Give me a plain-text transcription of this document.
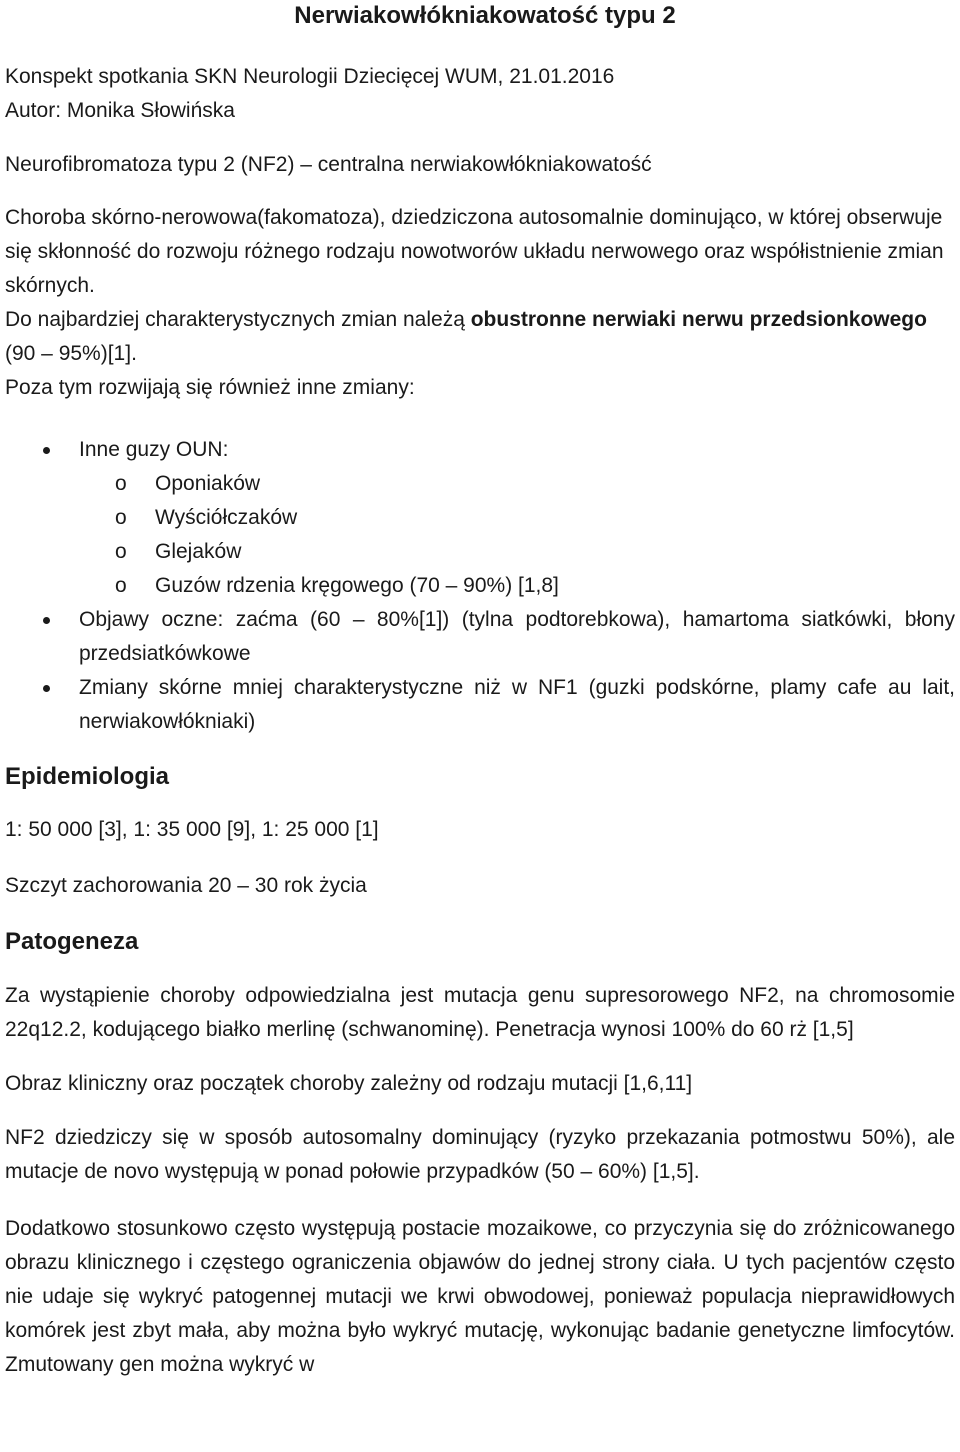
Nerwiakowłókniakowatość typu 2

Konspekt spotkania SKN Neurologii Dziecięcej WUM, 21.01.2016

Autor: Monika Słowińska

Neurofibromatoza typu 2 (NF2) – centralna nerwiakowłókniakowatość

Choroba skórno-nerowowa(fakomatoza), dziedziczona autosomalnie dominująco, w której obserwuje się skłonność do rozwoju różnego rodzaju nowotworów układu nerwowego oraz współistnienie zmian skórnych.

Do najbardziej charakterystycznych zmian należą obustronne nerwiaki nerwu przedsionkowego (90 – 95%)[1].

Poza tym rozwijają się również inne zmiany:

Inne guzy OUN:
o Oponiaków
o Wyściółczaków
o Glejaków
o Guzów rdzenia kręgowego (70 – 90%) [1,8]
Objawy oczne: zaćma (60 – 80%[1]) (tylna podtorebkowa), hamartoma siatkówki, błony przedsiatkówkowe
Zmiany skórne mniej charakterystyczne niż w NF1 (guzki podskórne, plamy cafe au lait, nerwiakowłókniaki)
Epidemiologia

1: 50 000 [3], 1: 35 000 [9], 1: 25 000 [1]

Szczyt zachorowania 20 – 30 rok życia

Patogeneza

Za wystąpienie choroby odpowiedzialna jest mutacja genu supresorowego NF2, na chromosomie 22q12.2, kodującego białko merlinę (schwanominę). Penetracja wynosi 100% do 60 rż [1,5]

Obraz kliniczny oraz początek choroby zależny od rodzaju mutacji [1,6,11]

NF2 dziedziczy się w sposób autosomalny dominujący (ryzyko przekazania potmostwu 50%), ale mutacje de novo występują w ponad połowie przypadków (50 – 60%) [1,5].

Dodatkowo stosunkowo często występują postacie mozaikowe, co przyczynia się do zróżnicowanego obrazu klinicznego i częstego ograniczenia objawów do jednej strony ciała. U tych pacjentów często nie udaje się wykryć patogennej mutacji we krwi obwodowej, ponieważ populacja nieprawidłowych komórek jest zbyt mała, aby można było wykryć mutację, wykonując badanie genetyczne limfocytów. Zmutowany gen można wykryć w
